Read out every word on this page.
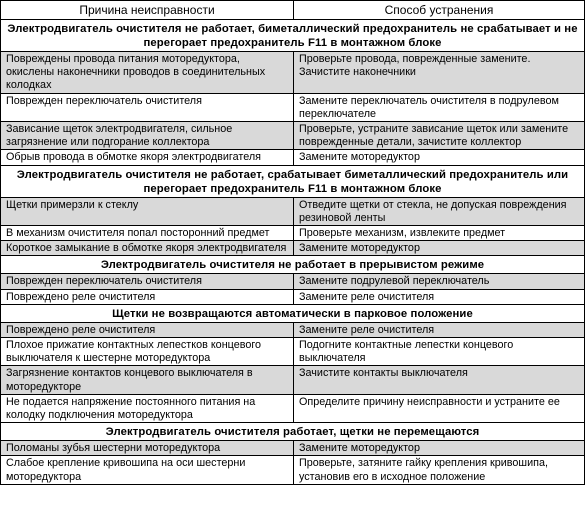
Причина неисправности	Способ устранения
Электродвигатель очистителя не работает, биметаллический предохранитель не срабатывает и не перегорает предохранитель F11 в монтажном блоке	
Повреждены провода питания моторедуктора, окислены наконечники проводов в соединительных колодках	Проверьте провода, поврежденные замените. Зачистите наконечники
Поврежден переключатель очистителя	Замените переключатель очистителя в подрулевом переключателе
Зависание щеток электродвигателя, сильное загрязнение или подгорание коллектора	Проверьте, устраните зависание щеток или замените поврежденные детали, зачистите коллектор
Обрыв провода в обмотке якоря электродвигателя	Замените моторедуктор
Электродвигатель очистителя не работает, срабатывает биметаллический предохранитель или перегорает предохранитель F11 в монтажном блоке	
Щетки примерзли к стеклу	Отведите щетки от стекла, не допуская повреждения резиновой ленты
В механизм очистителя попал посторонний предмет	Проверьте механизм, извлеките предмет
Короткое замыкание в обмотке якоря электродвигателя	Замените моторедуктор
Электродвигатель очистителя не работает в прерывистом режиме	
Поврежден переключатель очистителя	Замените подрулевой переключатель
Повреждено реле очистителя	Замените реле очистителя
Щетки не возвращаются автоматически в парковое положение	
Повреждено реле очистителя	Замените реле очистителя
Плохое прижатие контактных лепестков концевого выключателя к шестерне моторедуктора	Подогните контактные лепестки концевого выключателя
Загрязнение контактов концевого выключателя в моторедукторе	Зачистите контакты выключателя
Не подается напряжение постоянного питания на колодку подключения моторедуктора	Определите причину неисправности и устраните ее
Электродвигатель очистителя работает, щетки не перемещаются	
Поломаны зубья шестерни моторедуктора	Замените моторедуктор
Слабое крепление кривошипа на оси шестерни моторедуктора	Проверьте, затяните гайку крепления кривошипа, установив его в исходное положение
